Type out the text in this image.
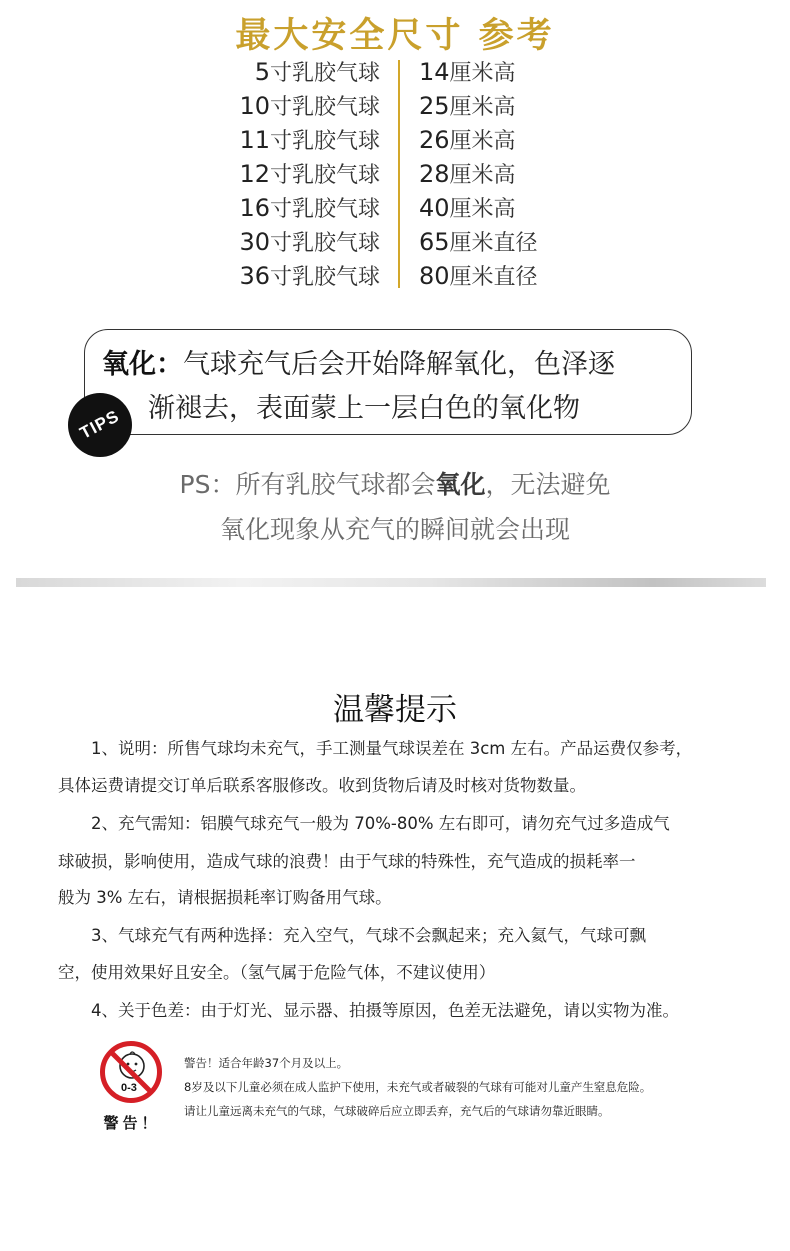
最大安全尺寸 参考
5寸乳胶气球 14厘米高
10寸乳胶气球 25厘米高
11寸乳胶气球 26厘米高
12寸乳胶气球 28厘米高
16寸乳胶气球 40厘米高
30寸乳胶气球 65厘米直径
36寸乳胶气球 80厘米直径
氧化：气球充气后会开始降解氧化，色泽逐
渐褪去，表面蒙上一层白色的氧化物
TIPS
PS：所有乳胶气球都会氧化，无法避免
氧化现象从充气的瞬间就会出现
温馨提示
　　1、说明：所售气球均未充气，手工测量气球误差在 3cm 左右。产品运费仅参考，
具体运费请提交订单后联系客服修改。收到货物后请及时核对货物数量。
　　2、充气需知：铝膜气球充气一般为 70%-80% 左右即可，请勿充气过多造成气
球破损，影响使用，造成气球的浪费！由于气球的特殊性，充气造成的损耗率一
般为 3% 左右，请根据损耗率订购备用气球。
　　3、气球充气有两种选择：充入空气，气球不会飘起来；充入氦气，气球可飘
空，使用效果好且安全。（氢气属于危险气体，不建议使用）
　　4、关于色差：由于灯光、显示器、拍摄等原因，色差无法避免，请以实物为准。
0-3
警告！
警告！适合年龄37个月及以上。
8岁及以下儿童必须在成人监护下使用，未充气或者破裂的气球有可能对儿童产生窒息危险。
请让儿童远离未充气的气球，气球破碎后应立即丢弃，充气后的气球请勿靠近眼睛。
